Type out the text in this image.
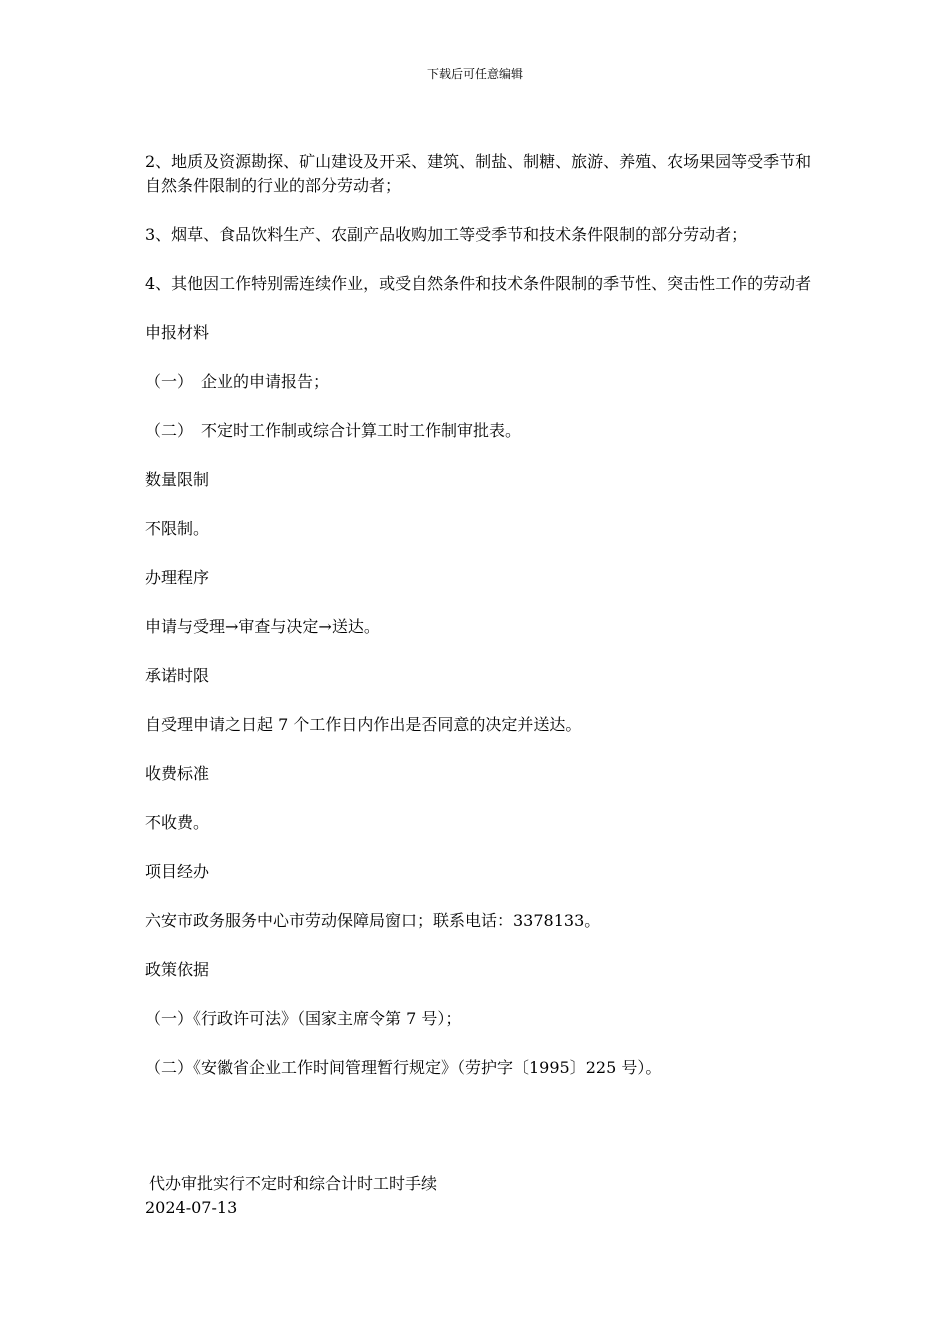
下载后可任意编辑

2、地质及资源勘探、矿山建设及开采、建筑、制盐、制糖、旅游、养殖、农场果园等受季节和自然条件限制的行业的部分劳动者；

3、烟草、食品饮料生产、农副产品收购加工等受季节和技术条件限制的部分劳动者；

4、其他因工作特别需连续作业，或受自然条件和技术条件限制的季节性、突击性工作的劳动者

申报材料

（一）　企业的申请报告；

（二）　不定时工作制或综合计算工时工作制审批表。

数量限制

不限制。

办理程序

申请与受理→审查与决定→送达。

承诺时限

自受理申请之日起 7 个工作日内作出是否同意的决定并送达。

收费标准

不收费。

项目经办

六安市政务服务中心市劳动保障局窗口；联系电话：3378133。

政策依据

（一）《行政许可法》（国家主席令第 7 号）；

（二）《安徽省企业工作时间管理暂行规定》（劳护字〔1995〕225 号）。

代办审批实行不定时和综合计时工时手续
2024-07-13
